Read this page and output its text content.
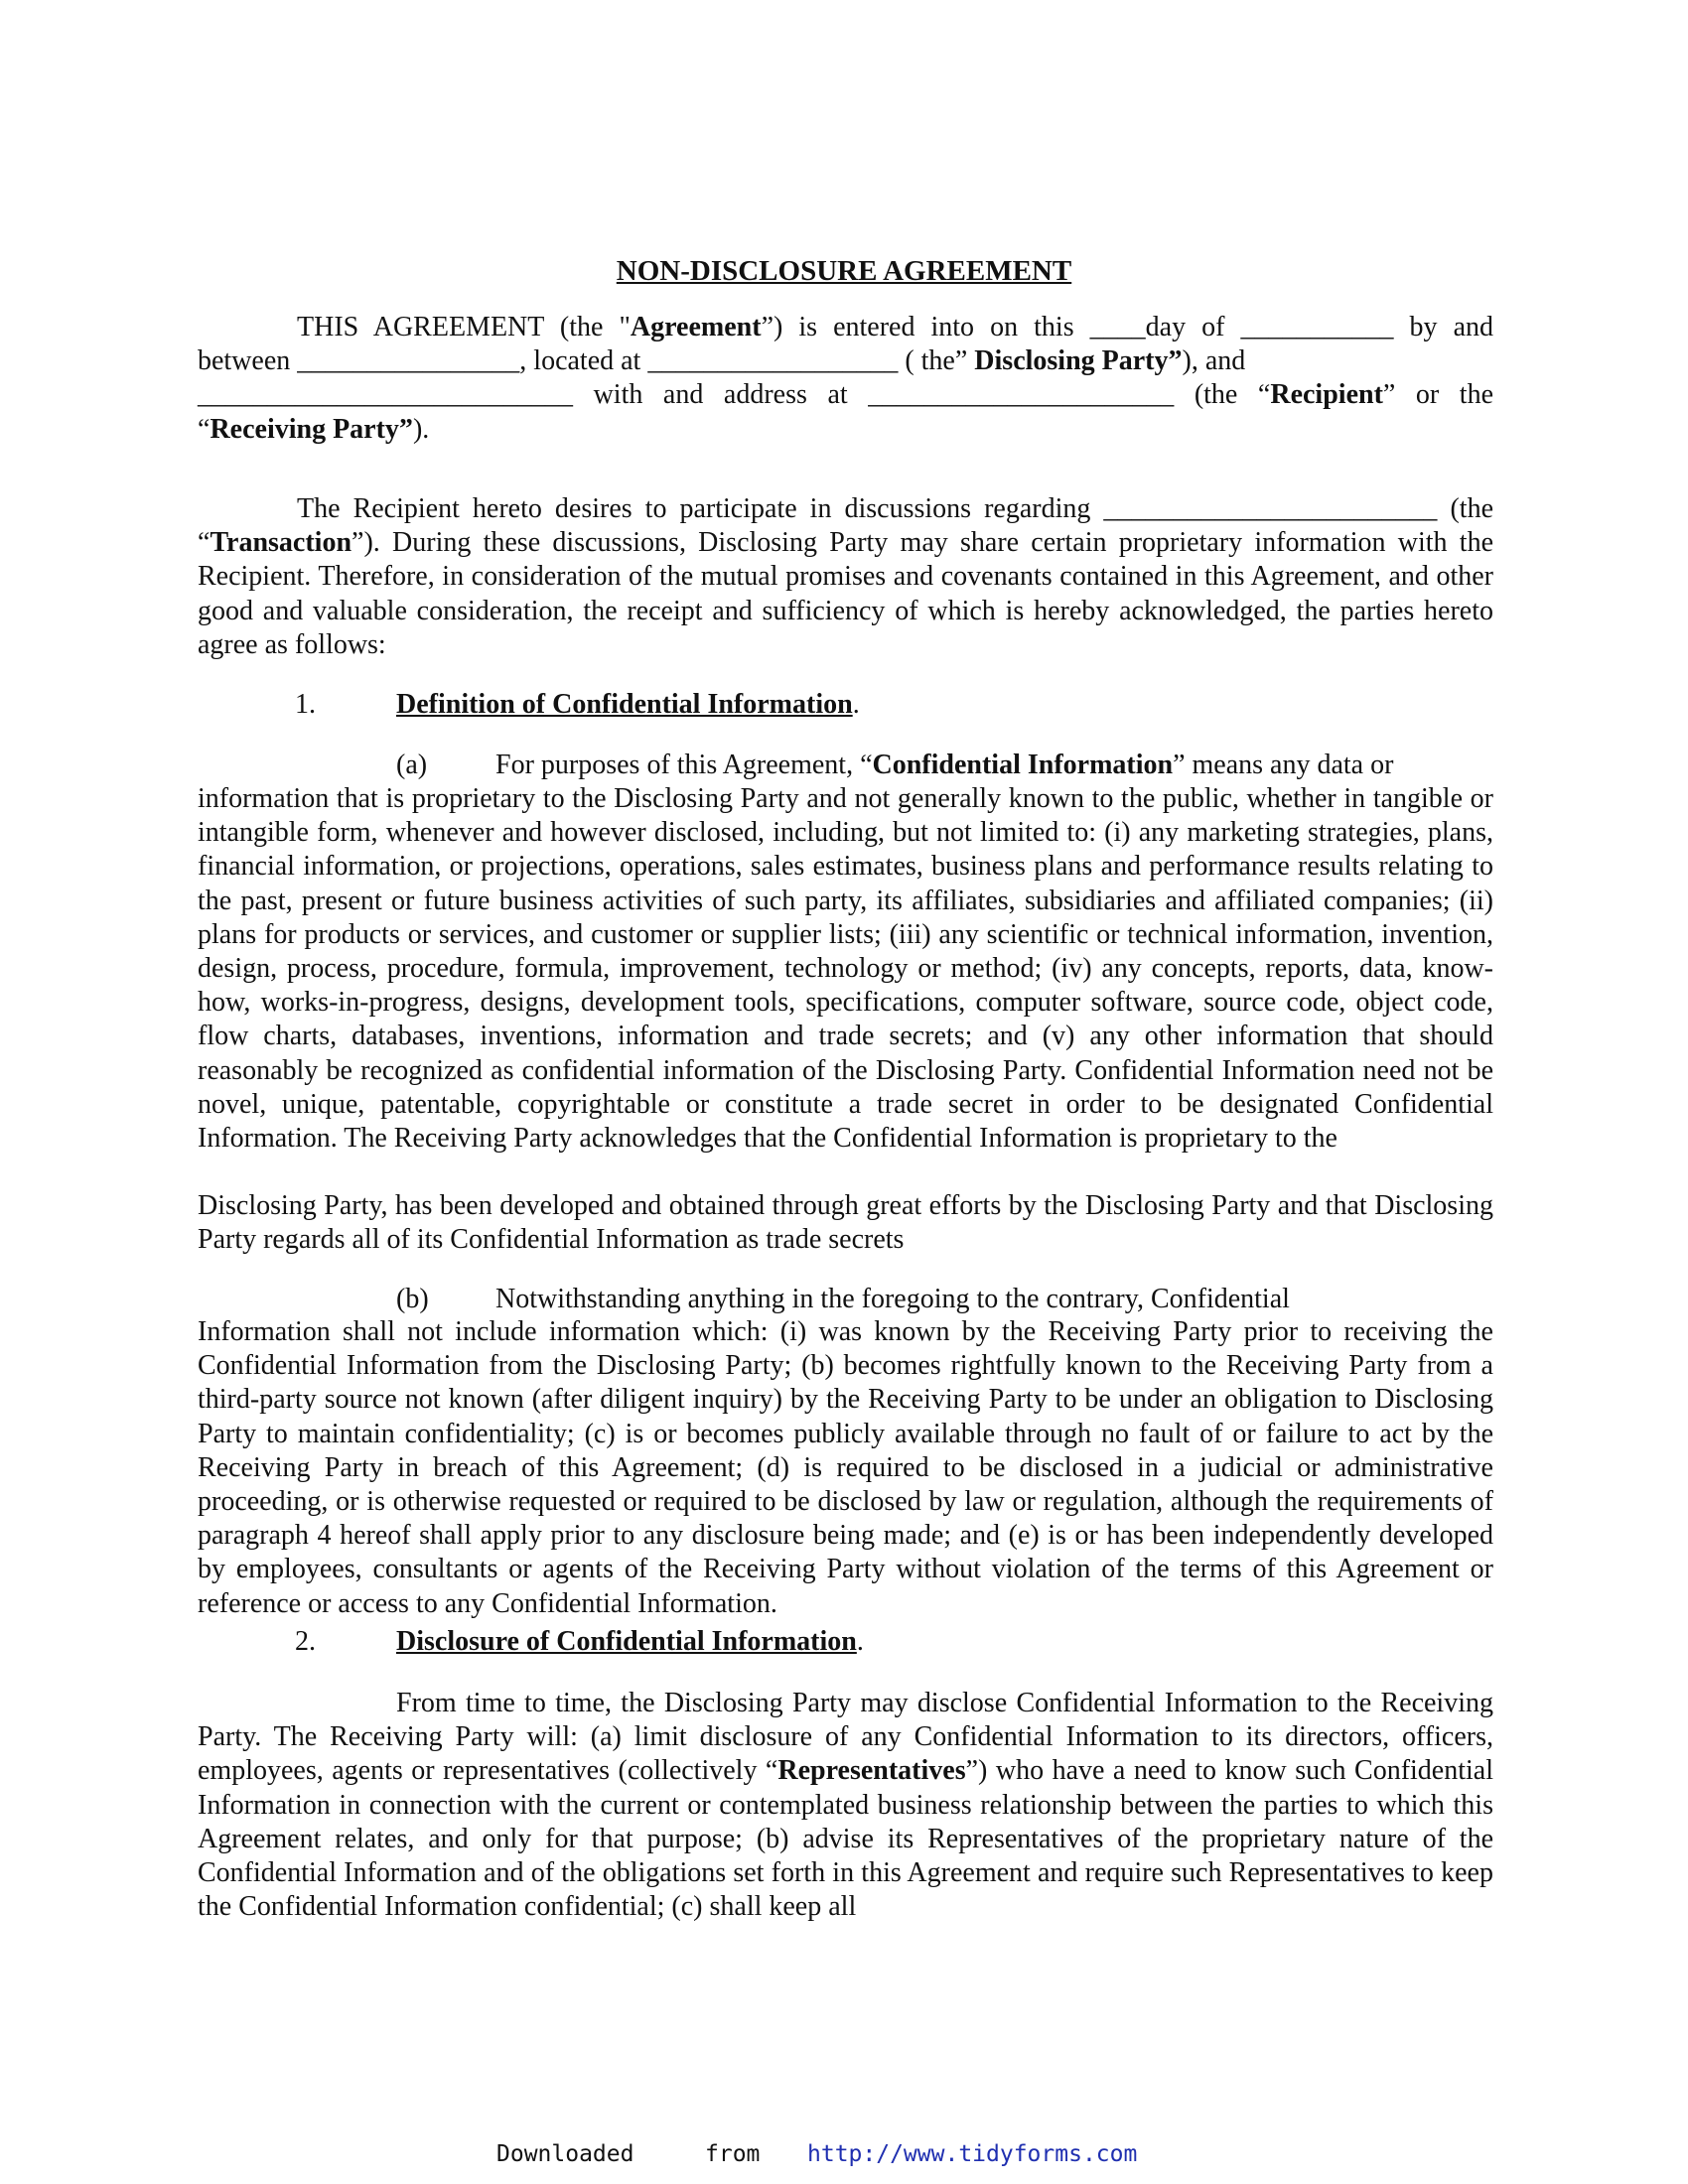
NON-DISCLOSURE AGREEMENT

THIS AGREEMENT (the "Agreement”) is entered into on this ____day of ___________ by and
between ________________, located at __________________ ( the” Disclosing Party”), and
___________________________ with and address at ______________________ (the “Recipient” or the
“Receiving Party”).

The Recipient hereto desires to participate in discussions regarding ________________________ (the “Transaction”). During these discussions, Disclosing Party may share certain proprietary information with the Recipient. Therefore, in consideration of the mutual promises and covenants contained in this Agreement, and other good and valuable consideration, the receipt and sufficiency of which is hereby acknowledged, the parties hereto agree as follows:

1.	Definition of Confidential Information.
(a) For purposes of this Agreement, “Confidential Information” means any data or

information that is proprietary to the Disclosing Party and not generally known to the public, whether in tangible or intangible form, whenever and however disclosed, including, but not limited to: (i) any marketing strategies, plans, financial information, or projections, operations, sales estimates, business plans and performance results relating to the past, present or future business activities of such party, its affiliates, subsidiaries and affiliated companies; (ii) plans for products or services, and customer or supplier lists; (iii) any scientific or technical information, invention, design, process, procedure, formula, improvement, technology or method; (iv) any concepts, reports, data, know-how, works-in-progress, designs, development tools, specifications, computer software, source code, object code, flow charts, databases, inventions, information and trade secrets; and (v) any other information that should reasonably be recognized as confidential information of the Disclosing Party. Confidential Information need not be novel, unique, patentable, copyrightable or constitute a trade secret in order to be designated Confidential Information. The Receiving Party acknowledges that the Confidential Information is proprietary to the

Disclosing Party, has been developed and obtained through great efforts by the Disclosing Party and that Disclosing Party regards all of its Confidential Information as trade secrets

(b) Notwithstanding anything in the foregoing to the contrary, Confidential

Information shall not include information which: (i) was known by the Receiving Party prior to receiving the Confidential Information from the Disclosing Party; (b) becomes rightfully known to the Receiving Party from a third-party source not known (after diligent inquiry) by the Receiving Party to be under an obligation to Disclosing Party to maintain confidentiality; (c) is or becomes publicly available through no fault of or failure to act by the Receiving Party in breach of this Agreement; (d) is required to be disclosed in a judicial or administrative proceeding, or is otherwise requested or required to be disclosed by law or regulation, although the requirements of paragraph 4 hereof shall apply prior to any disclosure being made; and (e) is or has been independently developed by employees, consultants or agents of the Receiving Party without violation of the terms of this Agreement or reference or access to any Confidential Information.

2.	Disclosure of Confidential Information.

From time to time, the Disclosing Party may disclose Confidential Information to the Receiving Party. The Receiving Party will: (a) limit disclosure of any Confidential Information to its directors, officers, employees, agents or representatives (collectively “Representatives”) who have a need to know such Confidential Information in connection with the current or contemplated business relationship between the parties to which this Agreement relates, and only for that purpose; (b) advise its Representatives of the proprietary nature of the Confidential Information and of the obligations set forth in this Agreement and require such Representatives to keep the Confidential Information confidential; (c) shall keep all

Downloaded	from http://www.tidyforms.com
